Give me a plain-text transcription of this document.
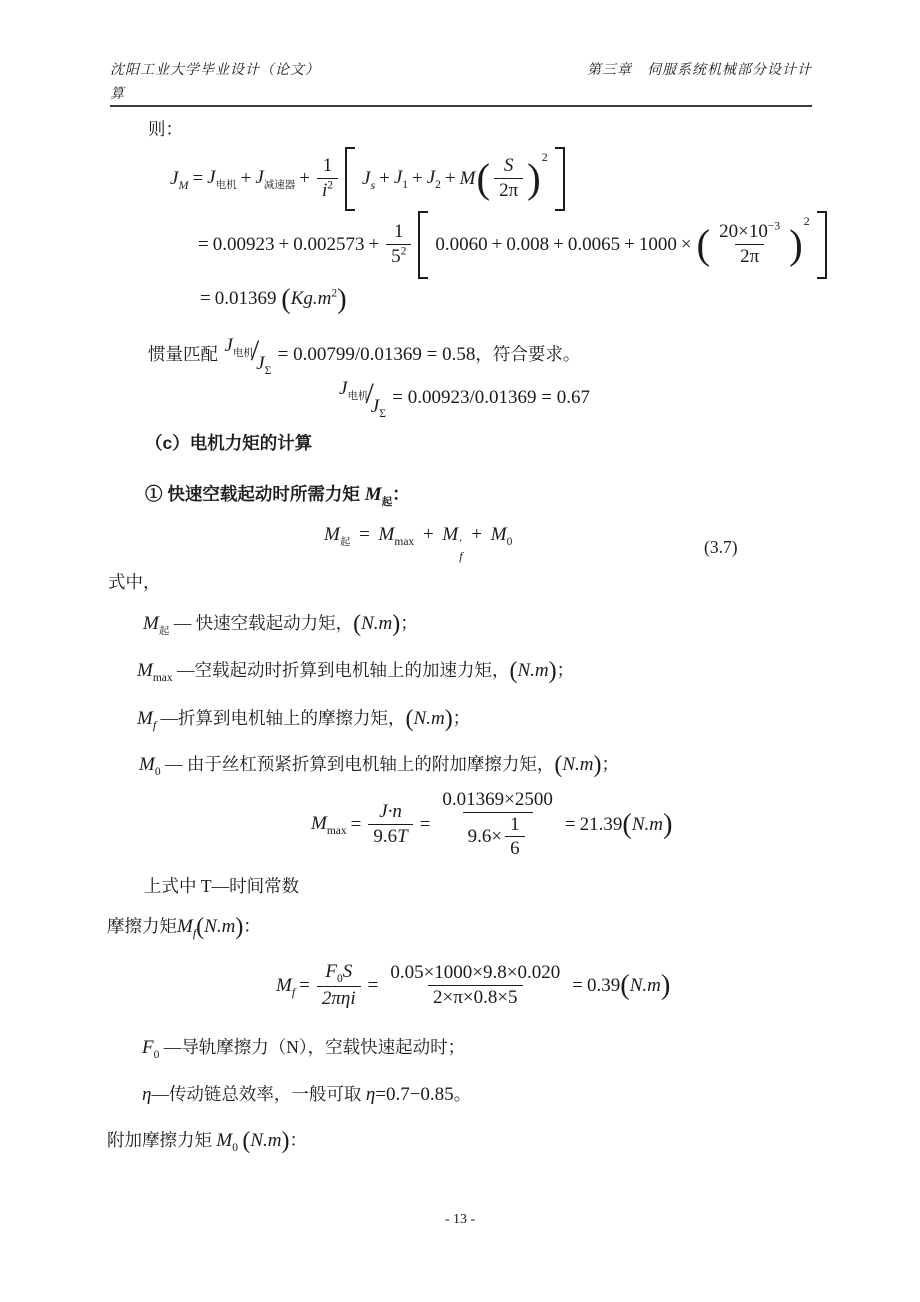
沈阳工业大学毕业设计（论文）	第三章　伺服系统机械部分设计计
算
则：
$J_M = J_{电机} + J_{减速器} + \frac{1}{i^2} J_s + J_1 + J_2 + M$ ( $\frac{S}{2\pi}$ ) 2
= $0.00923 + 0.002573 + \frac{1}{5^2} 0.0060 + 0.008 + 0.0065 + 1000$ × ( $\frac{20\times 10^{-3}}{2\pi}$ )
2
= 0.01369 $(Kg.m^2)$
惯量匹配 $J_{电机}/J_\Sigma = 0.00799/0.01369 = 0.58$，符合要求。
$J_{电机}/J_\Sigma = 0.00923/0.01369 = 0.67$
（c）电机力矩的计算
① 快速空载起动时所需力矩 $M_起$：
$M_起 = M_{max} + M$ ′
f
+ $M_0$	(3.7)
式中，
$M_起$ — 快速空载起动力矩，(N.m)；
$M_{max}$ —空载起动时折算到电机轴上的加速力矩，(N.m)；
$M_f$ —折算到电机轴上的摩擦力矩，(N.m)；
$M_0$ — 由于丝杠预紧折算到电机轴上的附加摩擦力矩，(N.m)；
$M_{max} = \frac{J\cdot n}{9.6T} = \frac{0.01369\times 2500}{9.6\times \frac{1}{6}} = 21.39$ ( N.m )
上式中 T—时间常数
摩擦力矩$M_f(N.m)$：
$M_f = \frac{F_0S}{\text{2πηi}} = \frac{0.05\times 1000\times 9.8\times 0.020}{2\times\pi\times 0.8\times 5} = 0.39$ ( N.m )
$F_0$ —导轨摩擦力（N），空载快速起动时；
η—传动链总效率，一般可取 η=0.7−0.85。
附加摩擦力矩 $M_0$ (N.m)：
- 13 -
